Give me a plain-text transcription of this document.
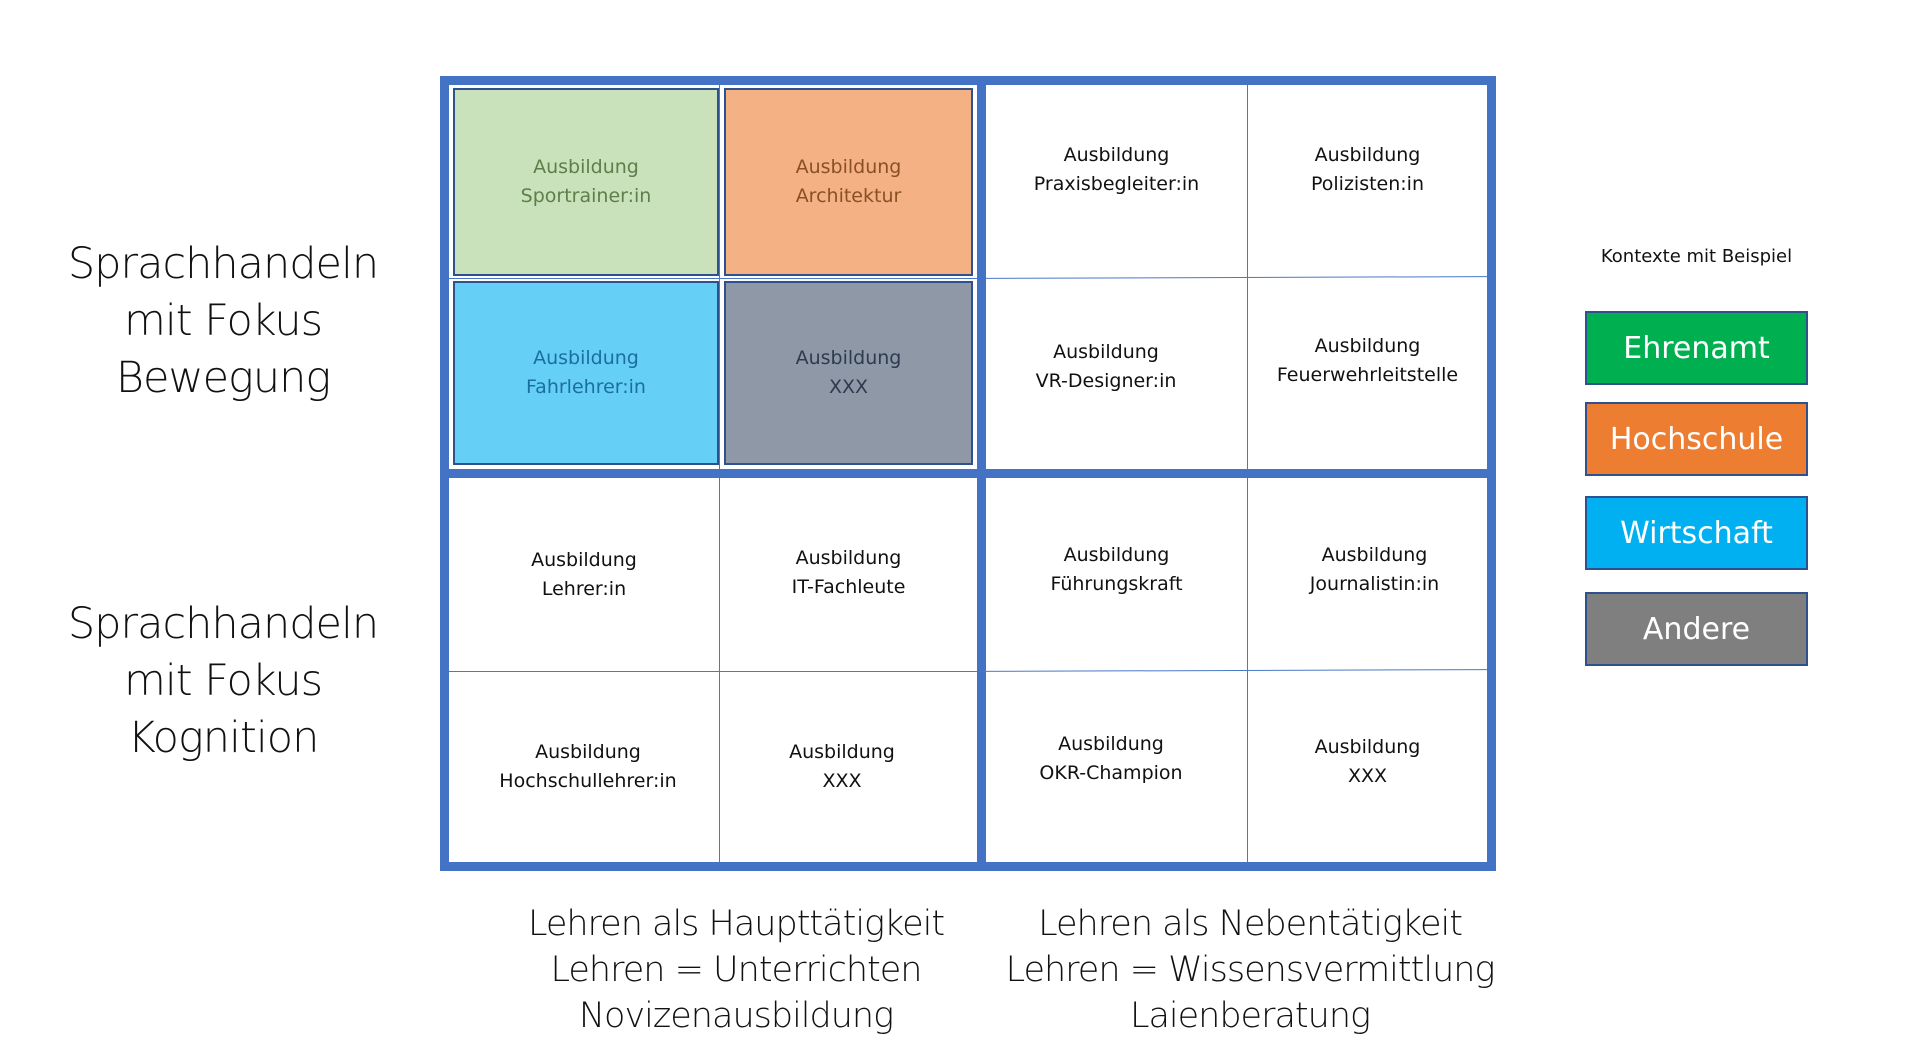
Sprachhandeln
mit Fokus
Bewegung
Sprachhandeln
mit Fokus
Kognition
Ausbildung
Sportrainer:in
Ausbildung
Architektur
Ausbildung
Fahrlehrer:in
Ausbildung
XXX
Ausbildung
Praxisbegleiter:in
Ausbildung
Polizisten:in
Ausbildung
VR-Designer:in
Ausbildung
Feuerwehrleitstelle
Ausbildung
Lehrer:in
Ausbildung
IT-Fachleute
Ausbildung
Hochschullehrer:in
Ausbildung
XXX
Ausbildung
Führungskraft
Ausbildung
Journalistin:in
Ausbildung
OKR-Champion
Ausbildung
XXX
Lehren als Haupttätigkeit
Lehren = Unterrichten
Novizenausbildung
Lehren als Nebentätigkeit
Lehren = Wissensvermittlung
Laienberatung
Kontexte mit Beispiel
Ehrenamt
Hochschule
Wirtschaft
Andere
